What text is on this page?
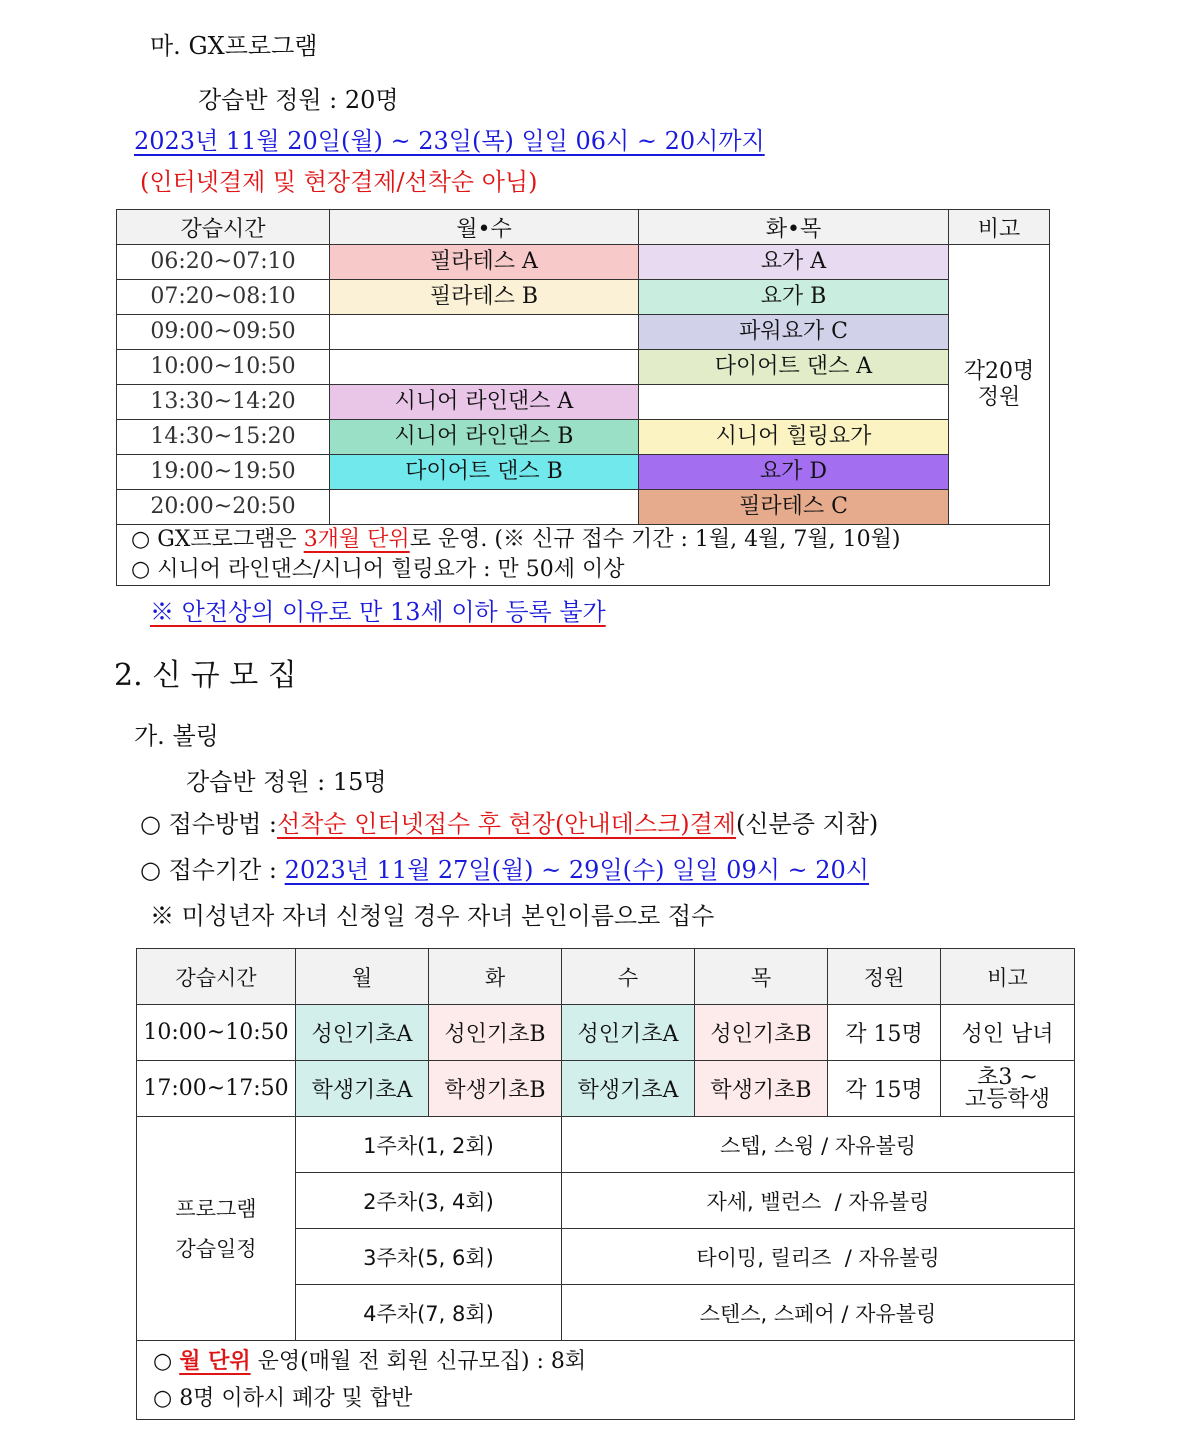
마. GX프로그램
강습반 정원 : 20명
2023년 11월 20일(월) ~ 23일(목) 일일 06시 ~ 20시까지
(인터넷결제 및 현장결제/선착순 아님)
강습시간	월•수	화•목	비고
06:20~07:10	필라테스 A	요가 A	각20명
정원

07:20~08:10	필라테스 B	요가 B	
09:00~09:50		파워요가 C	
10:00~10:50		다이어트 댄스 A	
13:30~14:20	시니어 라인댄스 A		
14:30~15:20	시니어 라인댄스 B	시니어 힐링요가	
19:00~19:50	다이어트 댄스 B	요가 D	
20:00~20:50		필라테스 C	

○ GX프로그램은 3개월 단위로 운영. (※ 신규 접수 기간 : 1월, 4월, 7월, 10월)
○ 시니어 라인댄스/시니어 힐링요가 : 만 50세 이상			
※ 안전상의 이유로 만 13세 이하 등록 불가
2. 신 규 모 집
가. 볼링
강습반 정원 : 15명
○ 접수방법 :선착순 인터넷접수 후 현장(안내데스크)결제(신분증 지참)
○ 접수기간 : 2023년 11월 27일(월) ~ 29일(수) 일일 09시 ~ 20시
※ 미성년자 자녀 신청일 경우 자녀 본인이름으로 접수
강습시간	월	화	수	목	정원	비고
10:00~10:50	성인기초A	성인기초B	성인기초A	성인기초B	각 15명	성인 남녀
17:00~17:50	학생기초A	학생기초B	학생기초A	학생기초B	각 15명	초3 ~
고등학생

프로그램
강습일정	1주차(1, 2회)		스텝, 스윙 / 자유볼링			
	2주차(3, 4회)		자세, 밸런스  / 자유볼링			
	3주차(5, 6회)		타이밍, 릴리즈  / 자유볼링			
	4주차(7, 8회)		스텐스, 스페어 / 자유볼링			

○ 월 단위 운영(매월 전 회원 신규모집) : 8회
○ 8명 이하시 폐강 및 합반						
